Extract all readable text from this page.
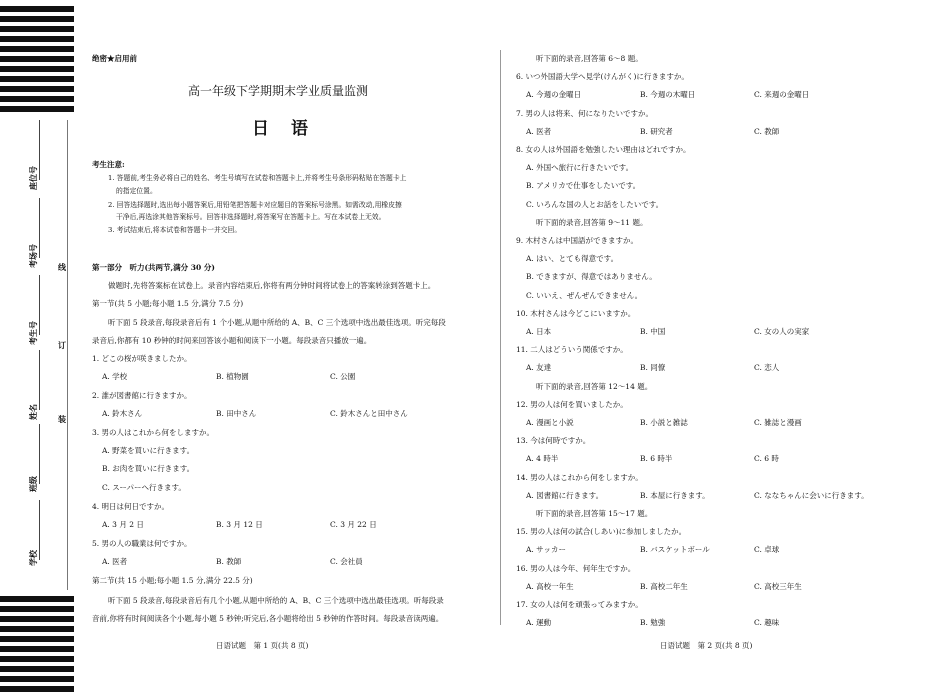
座位号
考场号
考生号
姓名
班级
学校
线
订
装
绝密★启用前
高一年级下学期期末学业质量监测
日语
考生注意:
1. 答题前,考生务必将自己的姓名、考生号填写在试卷和答题卡上,并将考生号条形码粘贴在答题卡上
的指定位置。
2. 回答选择题时,选出每小题答案后,用铅笔把答题卡对应题目的答案标号涂黑。如需改动,用橡皮擦
干净后,再选涂其他答案标号。回答非选择题时,将答案写在答题卡上。写在本试卷上无效。
3. 考试结束后,将本试卷和答题卡一并交回。
第一部分　听力(共两节,满分 30 分)
做题时,先将答案标在试卷上。录音内容结束后,你将有两分钟时间将试卷上的答案转涂到答题卡上。
第一节(共 5 小题;每小题 1.5 分,满分 7.5 分)
听下面 5 段录音,每段录音后有 1 个小题,从题中所给的 A、B、C 三个选项中选出最佳选项。听完每段
录音后,你都有 10 秒钟的时间来回答该小题和阅读下一小题。每段录音只播放一遍。
1. どこの桜が咲きましたか。
A. 学校	B. 植物園	C. 公園
2. 誰が図書館に行きますか。
A. 鈴木さん	B. 田中さん	C. 鈴木さんと田中さん
3. 男の人はこれから何をしますか。
A. 野菜を買いに行きます。
B. お肉を買いに行きます。
C. スーパーへ行きます。
4. 明日は何日ですか。
A. 3 月 2 日	B. 3 月 12 日	C. 3 月 22 日
5. 男の人の職業は何ですか。
A. 医者	B. 教師	C. 会社員
第二节(共 15 小题;每小题 1.5 分,满分 22.5 分)
听下面 5 段录音,每段录音后有几个小题,从题中所给的 A、B、C 三个选项中选出最佳选项。听每段录
音前,你将有时间阅读各个小题,每小题 5 秒钟;听完后,各小题将给出 5 秒钟的作答时间。每段录音读两遍。
日语试题　第 1 页(共 8 页)	日语试题　第 2 页(共 8 页)
听下面的录音,回答第 6～8 题。
6. いつ外国語大学へ見学(けんがく)に行きますか。
A. 今週の金曜日	B. 今週の木曜日	C. 来週の金曜日
7. 男の人は将来、何になりたいですか。
A. 医者	B. 研究者	C. 教師
8. 女の人は外国語を勉強したい理由はどれですか。
A. 外国へ旅行に行きたいです。
B. アメリカで仕事をしたいです。
C. いろんな国の人とお話をしたいです。
听下面的录音,回答第 9～11 题。
9. 木村さんは中国語ができますか。
A. はい、とても得意です。
B. できますが、得意ではありません。
C. いいえ、ぜんぜんできません。
10. 木村さんは今どこにいますか。
A. 日本	B. 中国	C. 女の人の実家
11. 二人はどういう関係ですか。
A. 友達	B. 同僚	C. 恋人
听下面的录音,回答第 12～14 题。
12. 男の人は何を買いましたか。
A. 漫画と小説	B. 小説と雑誌	C. 雑誌と漫画
13. 今は何時ですか。
A. 4 時半	B. 6 時半	C. 6 時
14. 男の人はこれから何をしますか。
A. 図書館に行きます。	B. 本屋に行きます。	C. ななちゃんに会いに行きます。
听下面的录音,回答第 15～17 题。
15. 男の人は何の試合(しあい)に参加しましたか。
A. サッカー	B. バスケットボール	C. 卓球
16. 男の人は今年、何年生ですか。
A. 高校一年生	B. 高校二年生	C. 高校三年生
17. 女の人は何を頑張ってみますか。
A. 運動	B. 勉強	C. 趣味
